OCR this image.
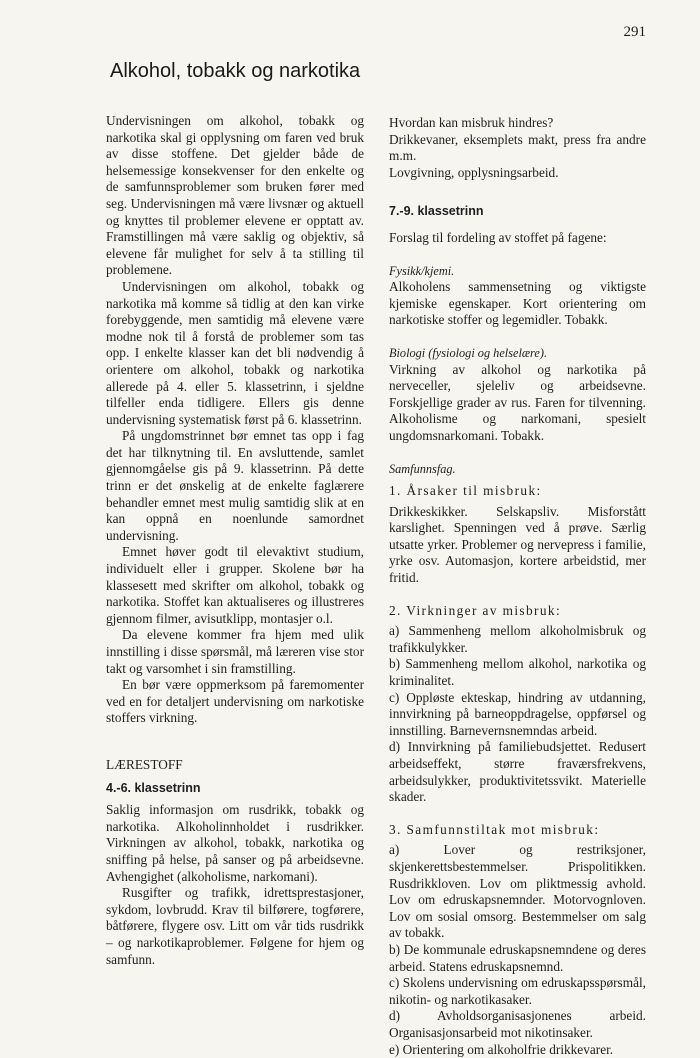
291
Alkohol, tobakk og narkotika

Undervisningen om alkohol, tobakk og narkotika skal gi opplysning om faren ved bruk av disse stoffene. Det gjelder både de helsemessige konsekvenser for den enkelte og de samfunnsproblemer som bruken fører med seg. Undervisningen må være livsnær og aktuell og knyttes til problemer elevene er opptatt av. Framstillingen må være saklig og objektiv, så elevene får mulighet for selv å ta stilling til problemene.

Undervisningen om alkohol, tobakk og narkotika må komme så tidlig at den kan virke forebyggende, men samtidig må elevene være modne nok til å forstå de problemer som tas opp. I enkelte klasser kan det bli nødvendig å orientere om alkohol, tobakk og narkotika allerede på 4. eller 5. klassetrinn, i sjeldne tilfeller enda tidligere. Ellers gis denne undervisning systematisk først på 6. klassetrinn.

På ungdomstrinnet bør emnet tas opp i fag det har tilknytning til. En avsluttende, samlet gjennomgåelse gis på 9. klassetrinn. På dette trinn er det ønskelig at de enkelte faglærere behandler emnet mest mulig samtidig slik at en kan oppnå en noenlunde samordnet undervisning.

Emnet høver godt til elevaktivt studium, individuelt eller i grupper. Skolene bør ha klassesett med skrifter om alkohol, tobakk og narkotika. Stoffet kan aktualiseres og illustreres gjennom filmer, avisutklipp, montasjer o.l.

Da elevene kommer fra hjem med ulik innstilling i disse spørsmål, må læreren vise stor takt og varsomhet i sin framstilling.

En bør være oppmerksom på faremomenter ved en for detaljert undervisning om narkotiske stoffers virkning.

LÆRESTOFF

4.-6. klassetrinn

Saklig informasjon om rusdrikk, tobakk og narkotika. Alkoholinnholdet i rusdrikker. Virkningen av alkohol, tobakk, narkotika og sniffing på helse, på sanser og på arbeidsevne. Avhengighet (alkoholisme, narkomani).

Rusgifter og trafikk, idrettsprestasjoner, sykdom, lovbrudd. Krav til bilførere, togførere, båtførere, flygere osv. Litt om vår tids rusdrikk – og narkotikaproblemer. Følgene for hjem og samfunn.

Hvordan kan misbruk hindres?

Drikkevaner, eksemplets makt, press fra andre m.m.

Lovgivning, opplysningsarbeid.

7.-9. klassetrinn

Forslag til fordeling av stoffet på fagene:

Fysikk/kjemi.

Alkoholens sammensetning og viktigste kjemiske egenskaper. Kort orientering om narkotiske stoffer og legemidler. Tobakk.

Biologi (fysiologi og helselære).

Virkning av alkohol og narkotika på nerveceller, sjeleliv og arbeidsevne. Forskjellige grader av rus. Faren for tilvenning. Alkoholisme og narkomani, spesielt ungdomsnarkomani. Tobakk.

Samfunnsfag.

1. Årsaker til misbruk:

Drikkeskikker. Selskapsliv. Misforstått karslighet. Spenningen ved å prøve. Særlig utsatte yrker. Problemer og nervepress i familie, yrke osv. Automasjon, kortere arbeidstid, mer fritid.

2. Virkninger av misbruk:

a) Sammenheng mellom alkoholmisbruk og trafikkulykker.

b) Sammenheng mellom alkohol, narkotika og kriminalitet.

c) Oppløste ekteskap, hindring av utdanning, innvirkning på barneoppdragelse, oppførsel og innstilling. Barnevernsnemndas arbeid.

d) Innvirkning på familiebudsjettet. Redusert arbeidseffekt, større fraværsfrekvens, arbeidsulykker, produktivitetssvikt. Materielle skader.

3. Samfunnstiltak mot misbruk:

a) Lover og restriksjoner, skjenkerettsbestemmelser. Prispolitikken. Rusdrikkloven. Lov om pliktmessig avhold. Lov om edruskapsnemnder. Motorvognloven. Lov om sosial omsorg. Bestemmelser om salg av tobakk.

b) De kommunale edruskapsnemndene og deres arbeid. Statens edruskapsnemnd.

c) Skolens undervisning om edruskapsspørsmål, nikotin- og narkotikasaker.

d) Avholdsorganisasjonenes arbeid. Organisasjonsarbeid mot nikotinsaker.

e) Orientering om alkoholfrie drikkevarer.
